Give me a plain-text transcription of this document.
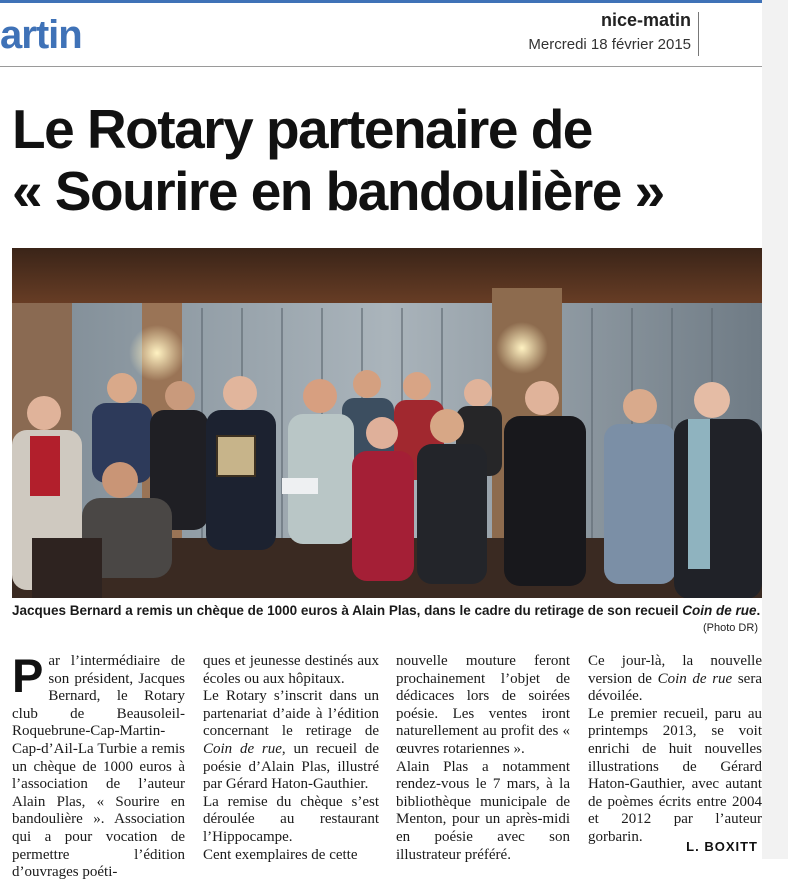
artin	nice-matin
Mercredi 18 février 2015
Le Rotary partenaire de
« Sourire en bandoulière »
Jacques Bernard a remis un chèque de 1000 euros à Alain Plas, dans le cadre du retirage de son recueil Coin de rue.
(Photo DR)

Par l’intermédiaire de son président, Jacques Bernard, le Rotary club de Beausoleil-Roquebrune-Cap-Martin-Cap-d’Ail-La Turbie a remis un chèque de 1000 euros à l’association de l’auteur Alain Plas, « Sourire en bandoulière ». Association qui a pour vocation de permettre l’édition d’ouvrages poéti-

ques et jeunesse destinés aux écoles ou aux hôpitaux.

Le Rotary s’inscrit dans un partenariat d’aide à l’édition concernant le retirage de Coin de rue, un recueil de poésie d’Alain Plas, illustré par Gérard Haton-Gauthier.

La remise du chèque s’est déroulée au restaurant l’Hippocampe.

Cent exemplaires de cette

nouvelle mouture feront prochainement l’objet de dédicaces lors de soirées poésie. Les ventes iront naturellement au profit des « œuvres rotariennes ».

Alain Plas a notamment rendez-vous le 7 mars, à la bibliothèque municipale de Menton, pour un après-midi en poésie avec son illustrateur préféré.

Ce jour-là, la nouvelle version de Coin de rue sera dévoilée.

Le premier recueil, paru au printemps 2013, se voit enrichi de huit nouvelles illustrations de Gérard Haton-Gauthier, avec autant de poèmes écrits entre 2004 et 2012 par l’auteur gorbarin.

L. BOXITT
